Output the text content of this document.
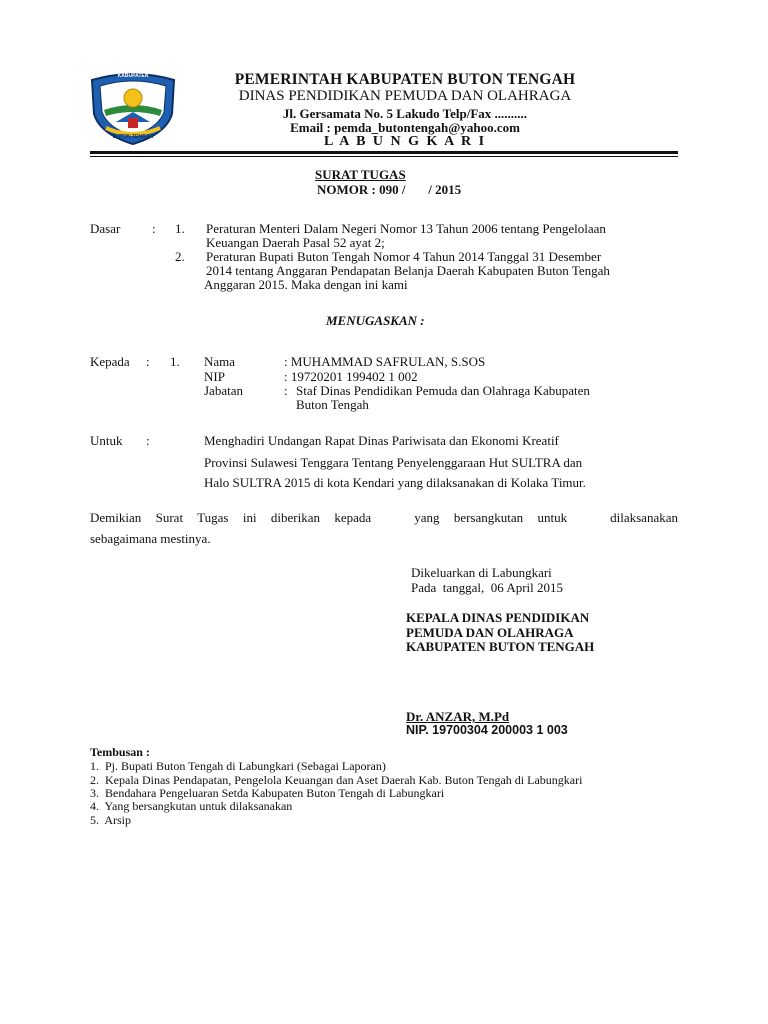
KABUPATEN
BUTON TENGAH
PEMERINTAH KABUPATEN BUTON TENGAH
DINAS PENDIDIKAN PEMUDA DAN OLAHRAGA
Jl. Gersamata No. 5 Lakudo Telp/Fax ..........
Email : pemda_butontengah@yahoo.com
L A B U N G K A R I
SURAT TUGAS
NOMOR : 090 /       / 2015
Dasar : 1. Peraturan Menteri Dalam Negeri Nomor 13 Tahun 2006 tentang Pengelolaan
Keuangan Daerah Pasal 52 ayat 2;
2. Peraturan Bupati Buton Tengah Nomor 4 Tahun 2014 Tanggal 31 Desember
2014 tentang Anggaran Pendapatan Belanja Daerah Kabupaten Buton Tengah
Anggaran 2015. Maka dengan ini kami
MENUGASKAN :
Kepada : 1. Nama	: MUHAMMAD SAFRULAN, S.SOS
NIP	: 19720201 199402 1 002
Jabatan	: Staf Dinas Pendidikan Pemuda dan Olahraga Kabupaten
Buton Tengah
Untuk :	Menghadiri Undangan Rapat Dinas Pariwisata dan Ekonomi Kreatif
Provinsi Sulawesi Tenggara Tentang Penyelenggaraan Hut SULTRA dan
Halo SULTRA 2015 di kota Kendari yang dilaksanakan di Kolaka Timur.
Demikian Surat Tugas ini diberikan kepada   yang bersangkutan untuk   dilaksanakan
sebagaimana mestinya.
Dikeluarkan di Labungkari
Pada  tanggal,  06 April 2015
KEPALA DINAS PENDIDIKAN
PEMUDA DAN OLAHRAGA
KABUPATEN BUTON TENGAH
Dr. ANZAR, M.Pd
NIP. 19700304 200003 1 003
Tembusan :
1.  Pj. Bupati Buton Tengah di Labungkari (Sebagai Laporan)
2.  Kepala Dinas Pendapatan, Pengelola Keuangan dan Aset Daerah Kab. Buton Tengah di Labungkari
3.  Bendahara Pengeluaran Setda Kabupaten Buton Tengah di Labungkari
4.  Yang bersangkutan untuk dilaksanakan
5.  Arsip
